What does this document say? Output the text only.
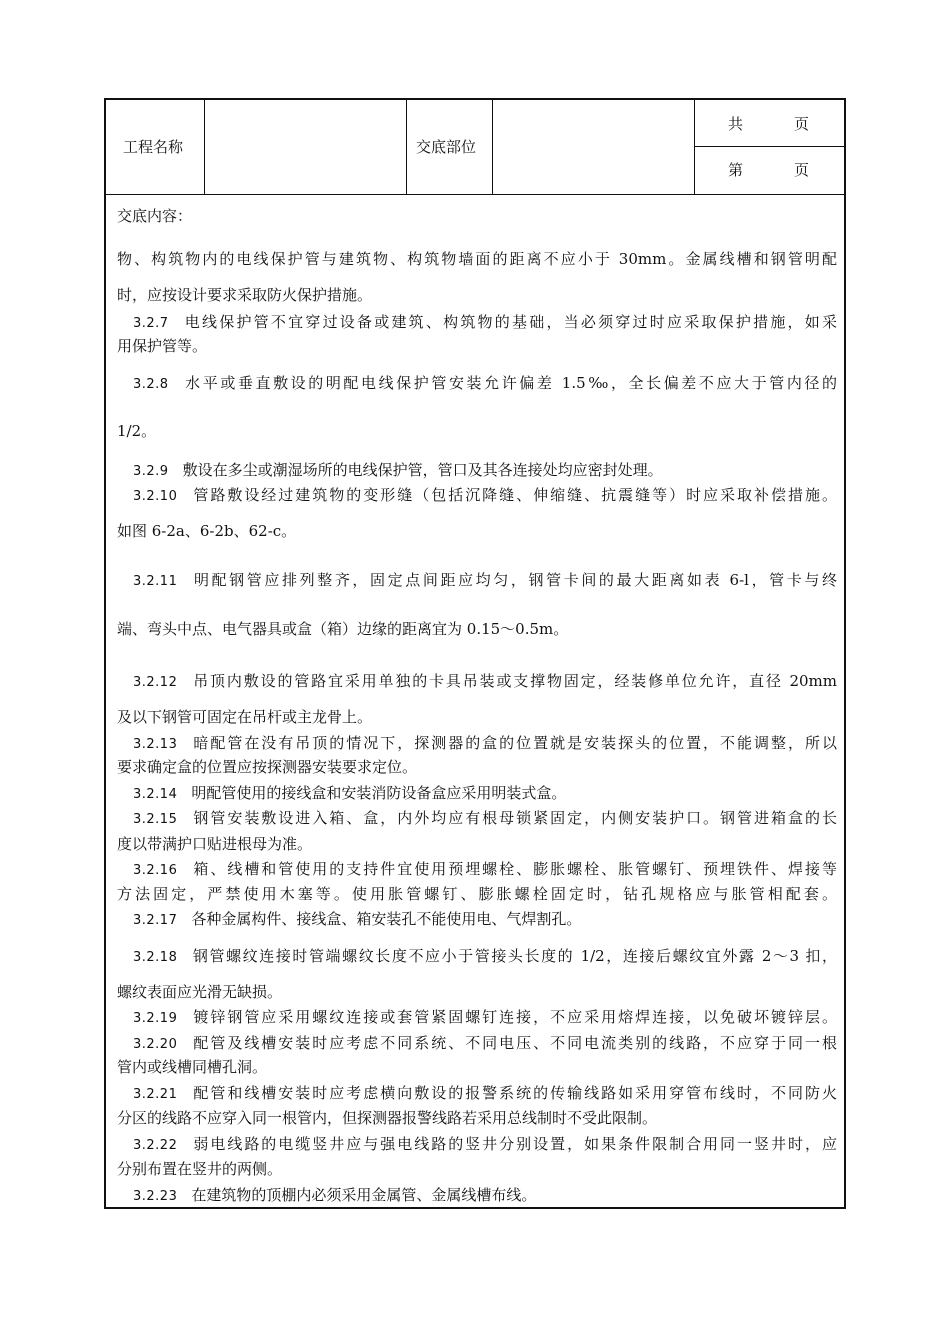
工程名称	交底部位
共	页
第	页
交底内容：
物、构筑物内的电线保护管与建筑物、构筑物墙面的距离不应小于 30mm。金属线槽和钢管明配
时，应按设计要求采取防火保护措施。
3.2.7 电线保护管不宜穿过设备或建筑、构筑物的基础，当必须穿过时应采取保护措施，如采
用保护管等。
3.2.8 水平或垂直敷设的明配电线保护管安装允许偏差 1.5‰，全长偏差不应大于管内径的
1/2。
3.2.9 敷设在多尘或潮湿场所的电线保护管，管口及其各连接处均应密封处理。
3.2.10 管路敷设经过建筑物的变形缝（包括沉降缝、伸缩缝、抗震缝等）时应采取补偿措施。
如图 6-2a、6-2b、62-c。
3.2.11 明配钢管应排列整齐，固定点间距应均匀，钢管卡间的最大距离如表 6-l，管卡与终
端、弯头中点、电气器具或盒（箱）边缘的距离宜为 0.15～0.5m。
3.2.12 吊顶内敷设的管路宜采用单独的卡具吊装或支撑物固定，经装修单位允许，直径 20mm
及以下钢管可固定在吊杆或主龙骨上。
3.2.13 暗配管在没有吊顶的情况下，探测器的盒的位置就是安装探头的位置，不能调整，所以
要求确定盒的位置应按探测器安装要求定位。
3.2.14 明配管使用的接线盒和安装消防设备盒应采用明装式盒。
3.2.15 钢管安装敷设进入箱、盒，内外均应有根母锁紧固定，内侧安装护口。钢管进箱盒的长
度以带满护口贴进根母为准。
3.2.16 箱、线槽和管使用的支持件宜使用预埋螺栓、膨胀螺栓、胀管螺钉、预埋铁件、焊接等
方法固定，严禁使用木塞等。使用胀管螺钉、膨胀螺栓固定时，钻孔规格应与胀管相配套。
3.2.17 各种金属构件、接线盒、箱安装孔不能使用电、气焊割孔。
3.2.18 钢管螺纹连接时管端螺纹长度不应小于管接头长度的 1/2，连接后螺纹宜外露 2～3 扣，
螺纹表面应光滑无缺损。
3.2.19 镀锌钢管应采用螺纹连接或套管紧固螺钉连接，不应采用熔焊连接，以免破坏镀锌层。
3.2.20 配管及线槽安装时应考虑不同系统、不同电压、不同电流类别的线路，不应穿于同一根
管内或线槽同槽孔洞。
3.2.21 配管和线槽安装时应考虑横向敷设的报警系统的传输线路如采用穿管布线时，不同防火
分区的线路不应穿入同一根管内，但探测器报警线路若采用总线制时不受此限制。
3.2.22 弱电线路的电缆竖井应与强电线路的竖井分别设置，如果条件限制合用同一竖井时，应
分别布置在竖井的两侧。
3.2.23 在建筑物的顶棚内必须采用金属管、金属线槽布线。
